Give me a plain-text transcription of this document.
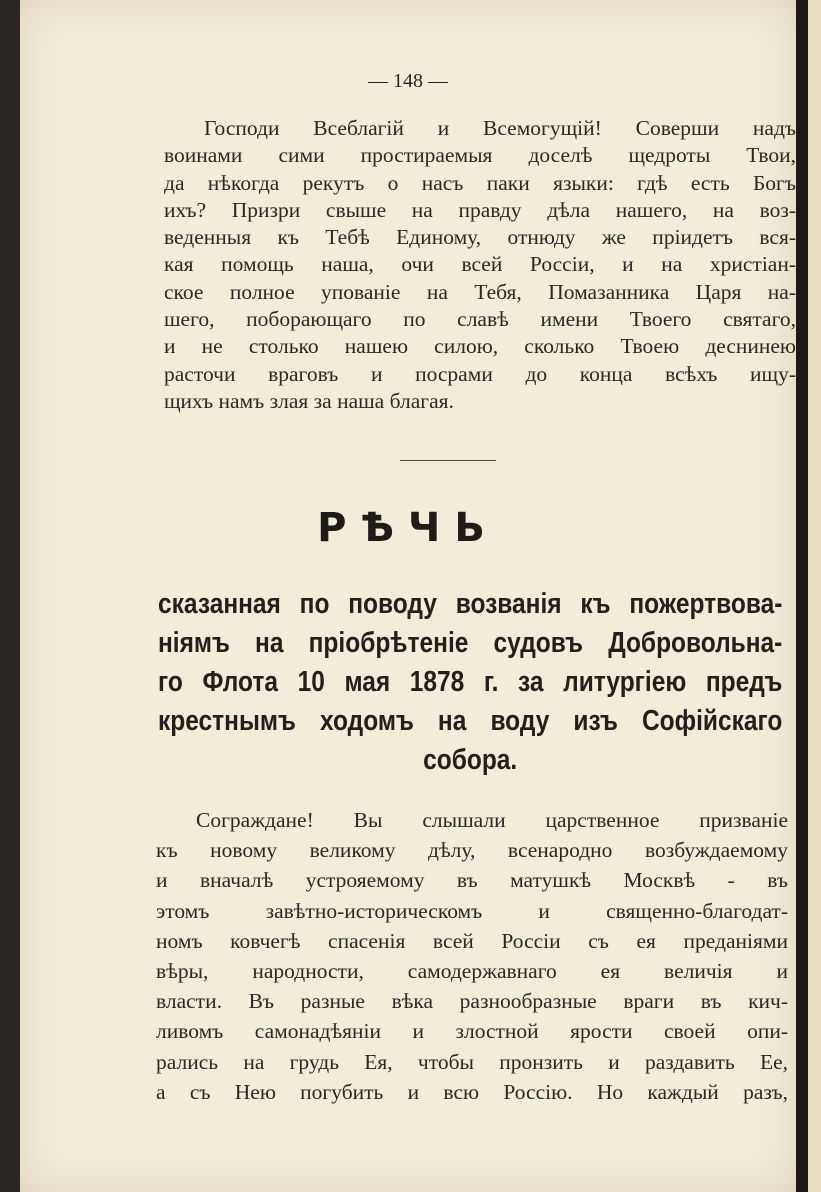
— 148 —
Господи Всеблагій и Всемогущій! Соверши надъ
воинами сими простираемыя доселѣ щедроты Твои,
да нѣкогда рекутъ о насъ паки языки: гдѣ есть Богъ
ихъ? Призри свыше на правду дѣла нашего, на воз-
веденныя къ Тебѣ Единому, отнюду же пріидетъ вся-
кая помощь наша, очи всей Россіи, и на христіан-
ское полное упованіе на Тебя, Помазанника Царя на-
шего, поборающаго по славѣ имени Твоего святаго,
и не столько нашею силою, сколько Твоею деснинею
расточи враговъ и посрами до конца всѣхъ ищу-
щихъ намъ злая за наша благая.
РѢЧЬ
сказанная по поводу возванія къ пожертвова-
ніямъ на пріобрѣтеніе судовъ Добровольна-
го Флота 10 мая 1878 г. за литургіею предъ
крестнымъ ходомъ на воду изъ Софійскаго
собора.
Сограждане! Вы слышали царственное призваніе
къ новому великому дѣлу, всенародно возбуждаемому
и вначалѣ устрояемому въ матушкѣ Москвѣ - въ
этомъ завѣтно-историческомъ и священно-благодат-
номъ ковчегѣ спасенія всей Россіи съ ея преданіями
вѣры, народности, самодержавнаго ея величія и
власти. Въ разные вѣка разнообразные враги въ кич-
ливомъ самонадѣяніи и злостной ярости своей опи-
рались на грудь Ея, чтобы пронзить и раздавить Ее,
а съ Нею погубить и всю Россію. Но каждый разъ,
